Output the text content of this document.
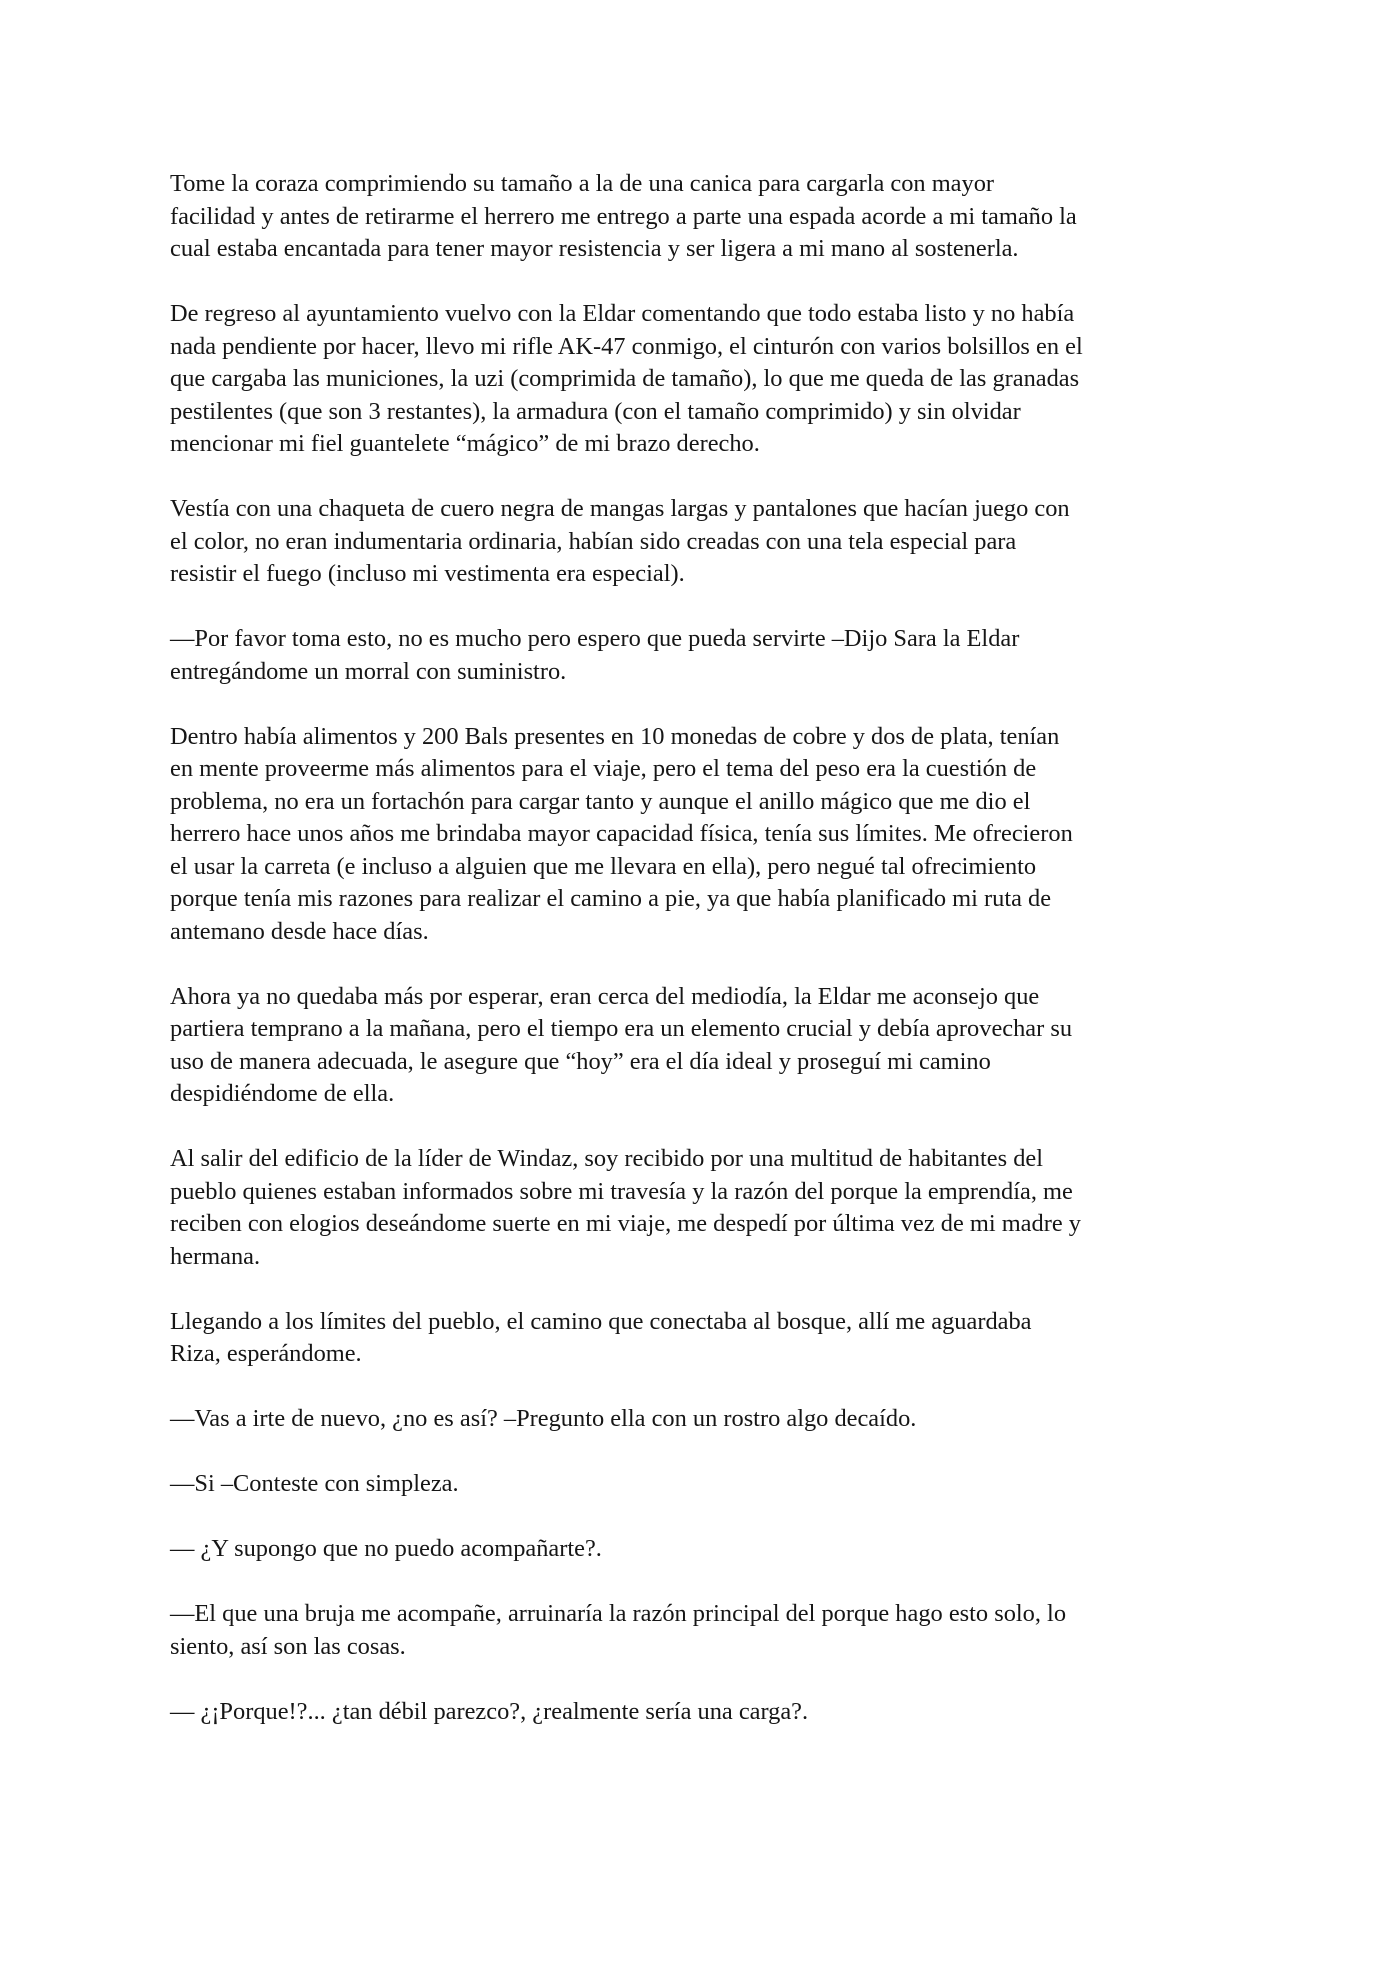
Tome la coraza comprimiendo su tamaño a la de una canica para cargarla con mayor
facilidad y antes de retirarme el herrero me entrego a parte una espada acorde a mi tamaño la
cual estaba encantada para tener mayor resistencia y ser ligera a mi mano al sostenerla.

De regreso al ayuntamiento vuelvo con la Eldar comentando que todo estaba listo y no había
nada pendiente por hacer, llevo mi rifle AK-47 conmigo, el cinturón con varios bolsillos en el
que cargaba las municiones, la uzi (comprimida de tamaño), lo que me queda de las granadas
pestilentes (que son 3 restantes), la armadura (con el tamaño comprimido) y sin olvidar
mencionar mi fiel guantelete “mágico” de mi brazo derecho.

Vestía con una chaqueta de cuero negra de mangas largas y pantalones que hacían juego con
el color, no eran indumentaria ordinaria, habían sido creadas con una tela especial para
resistir el fuego (incluso mi vestimenta era especial).

—Por favor toma esto, no es mucho pero espero que pueda servirte –Dijo Sara la Eldar
entregándome un morral con suministro.

Dentro había alimentos y 200 Bals presentes en 10 monedas de cobre y dos de plata, tenían
en mente proveerme más alimentos para el viaje, pero el tema del peso era la cuestión de
problema, no era un fortachón para cargar tanto y aunque el anillo mágico que me dio el
herrero hace unos años me brindaba mayor capacidad física, tenía sus límites. Me ofrecieron
el usar la carreta (e incluso a alguien que me llevara en ella), pero negué tal ofrecimiento
porque tenía mis razones para realizar el camino a pie, ya que había planificado mi ruta de
antemano desde hace días.

Ahora ya no quedaba más por esperar, eran cerca del mediodía, la Eldar me aconsejo que
partiera temprano a la mañana, pero el tiempo era un elemento crucial y debía aprovechar su
uso de manera adecuada, le asegure que “hoy” era el día ideal y proseguí mi camino
despidiéndome de ella.

Al salir del edificio de la líder de Windaz, soy recibido por una multitud de habitantes del
pueblo quienes estaban informados sobre mi travesía y la razón del porque la emprendía, me
reciben con elogios deseándome suerte en mi viaje, me despedí por última vez de mi madre y
hermana.

Llegando a los límites del pueblo, el camino que conectaba al bosque, allí me aguardaba
Riza, esperándome.

—Vas a irte de nuevo, ¿no es así? –Pregunto ella con un rostro algo decaído.

—Si –Conteste con simpleza.

— ¿Y supongo que no puedo acompañarte?.

—El que una bruja me acompañe, arruinaría la razón principal del porque hago esto solo, lo
siento, así son las cosas.

— ¿¡Porque!?... ¿tan débil parezco?, ¿realmente sería una carga?.
